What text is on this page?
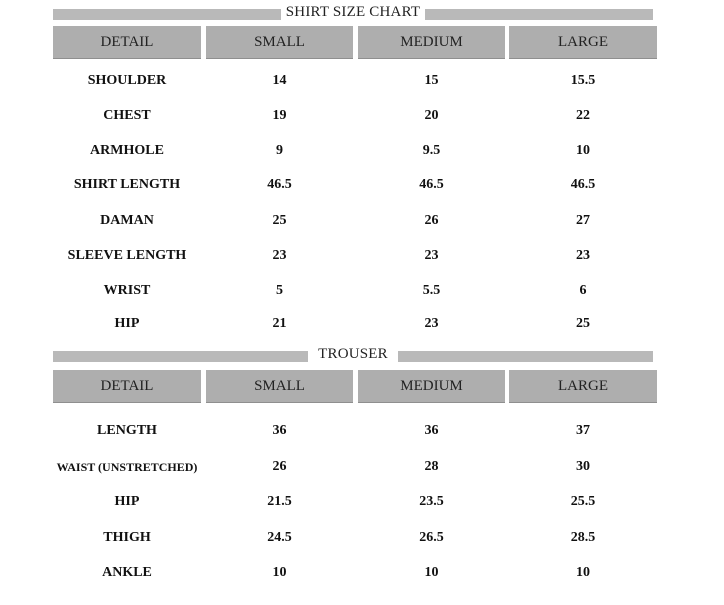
SHIRT SIZE CHART
DETAIL	SMALL	MEDIUM	LARGE
SHOULDER	14	15	15.5
CHEST	19	20	22
ARMHOLE	9	9.5	10
SHIRT LENGTH	46.5	46.5	46.5
DAMAN	25	26	27
SLEEVE LENGTH	23	23	23
WRIST	5	5.5	6
HIP	21	23	25
TROUSER
DETAIL	SMALL	MEDIUM	LARGE
LENGTH	36	36	37
WAIST (UNSTRETCHED)	26	28	30
HIP	21.5	23.5	25.5
THIGH	24.5	26.5	28.5
ANKLE	10	10	10
